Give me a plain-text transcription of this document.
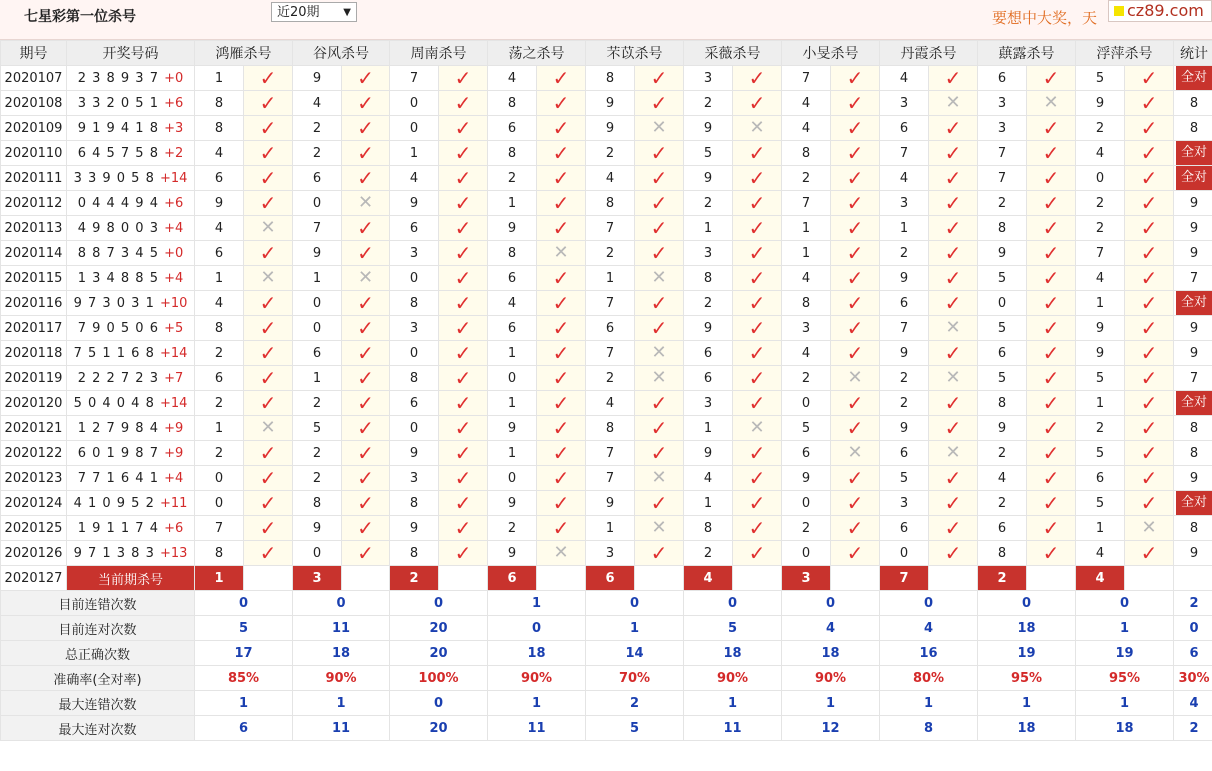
七星彩第一位杀号	近20期 ▼	要想中大奖，天	cz89.com
期号	开奖号码	鸿雁杀号		谷风杀号		周南杀号		荡之杀号		芣苡杀号		采薇杀号		小旻杀号		丹霞杀号		蕻露杀号		浮萍杀号		统计
2020107	2 3 8 9 3 7 +0	1	✓	9	✓	7	✓	4	✓	8	✓	3	✓	7	✓	4	✓	6	✓	5	✓	全对
2020108	3 3 2 0 5 1 +6	8	✓	4	✓	0	✓	8	✓	9	✓	2	✓	4	✓	3	✕	3	✕	9	✓	8
2020109	9 1 9 4 1 8 +3	8	✓	2	✓	0	✓	6	✓	9	✕	9	✕	4	✓	6	✓	3	✓	2	✓	8
2020110	6 4 5 7 5 8 +2	4	✓	2	✓	1	✓	8	✓	2	✓	5	✓	8	✓	7	✓	7	✓	4	✓	全对
2020111	3 3 9 0 5 8 +14	6	✓	6	✓	4	✓	2	✓	4	✓	9	✓	2	✓	4	✓	7	✓	0	✓	全对
2020112	0 4 4 4 9 4 +6	9	✓	0	✕	9	✓	1	✓	8	✓	2	✓	7	✓	3	✓	2	✓	2	✓	9
2020113	4 9 8 0 0 3 +4	4	✕	7	✓	6	✓	9	✓	7	✓	1	✓	1	✓	1	✓	8	✓	2	✓	9
2020114	8 8 7 3 4 5 +0	6	✓	9	✓	3	✓	8	✕	2	✓	3	✓	1	✓	2	✓	9	✓	7	✓	9
2020115	1 3 4 8 8 5 +4	1	✕	1	✕	0	✓	6	✓	1	✕	8	✓	4	✓	9	✓	5	✓	4	✓	7
2020116	9 7 3 0 3 1 +10	4	✓	0	✓	8	✓	4	✓	7	✓	2	✓	8	✓	6	✓	0	✓	1	✓	全对
2020117	7 9 0 5 0 6 +5	8	✓	0	✓	3	✓	6	✓	6	✓	9	✓	3	✓	7	✕	5	✓	9	✓	9
2020118	7 5 1 1 6 8 +14	2	✓	6	✓	0	✓	1	✓	7	✕	6	✓	4	✓	9	✓	6	✓	9	✓	9
2020119	2 2 2 7 2 3 +7	6	✓	1	✓	8	✓	0	✓	2	✕	6	✓	2	✕	2	✕	5	✓	5	✓	7
2020120	5 0 4 0 4 8 +14	2	✓	2	✓	6	✓	1	✓	4	✓	3	✓	0	✓	2	✓	8	✓	1	✓	全对
2020121	1 2 7 9 8 4 +9	1	✕	5	✓	0	✓	9	✓	8	✓	1	✕	5	✓	9	✓	9	✓	2	✓	8
2020122	6 0 1 9 8 7 +9	2	✓	2	✓	9	✓	1	✓	7	✓	9	✓	6	✕	6	✕	2	✓	5	✓	8
2020123	7 7 1 6 4 1 +4	0	✓	2	✓	3	✓	0	✓	7	✕	4	✓	9	✓	5	✓	4	✓	6	✓	9
2020124	4 1 0 9 5 2 +11	0	✓	8	✓	8	✓	9	✓	9	✓	1	✓	0	✓	3	✓	2	✓	5	✓	全对
2020125	1 9 1 1 7 4 +6	7	✓	9	✓	9	✓	2	✓	1	✕	8	✓	2	✓	6	✓	6	✓	1	✕	8
2020126	9 7 1 3 8 3 +13	8	✓	0	✓	8	✓	9	✕	3	✓	2	✓	0	✓	0	✓	8	✓	4	✓	9
2020127	当前期杀号	1		3		2		6		6		4		3		7		2		4		
目前连错次数		0		0		0		1		0		0		0		0		0		0		2
目前连对次数		5		11		20		0		1		5		4		4		18		1		0
总正确次数		17		18		20		18		14		18		18		16		19		19		6
准确率(全对率)		85%		90%		100%		90%		70%		90%		90%		80%		95%		95%		30%
最大连错次数		1		1		0		1		2		1		1		1		1		1		4
最大连对次数		6		11		20		11		5		11		12		8		18		18		2
